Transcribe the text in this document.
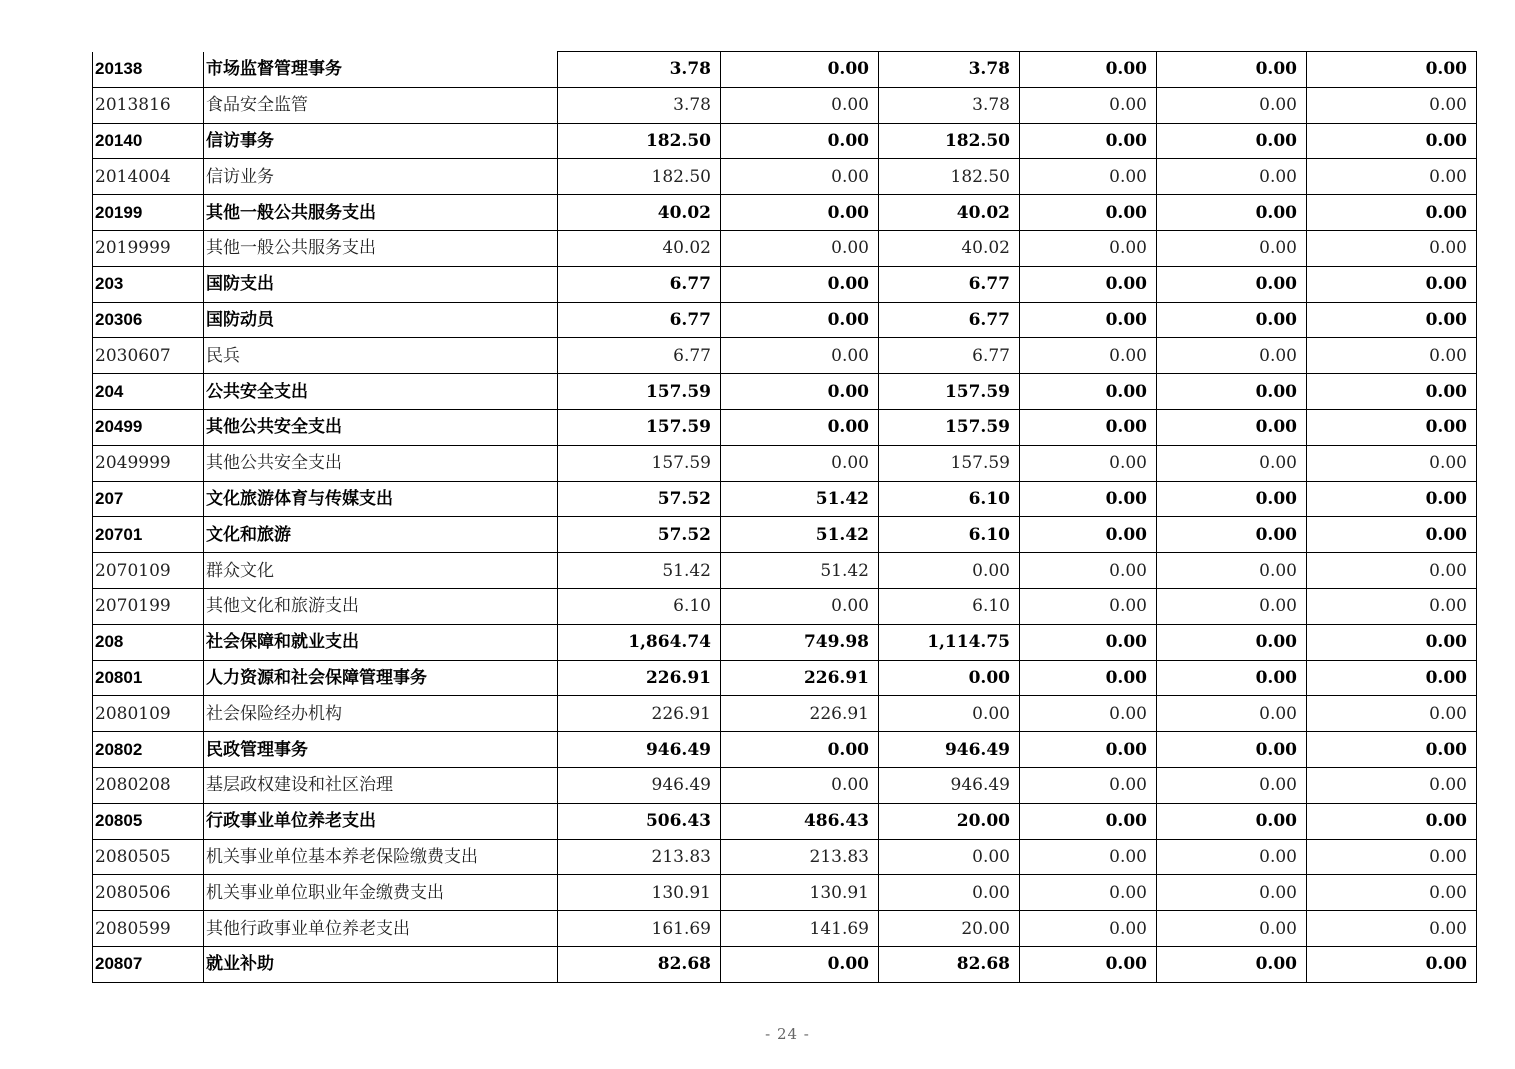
20138	市场监督管理事务	3.78	0.00	3.78	0.00	0.00	0.00
2013816	食品安全监管	3.78	0.00	3.78	0.00	0.00	0.00
20140	信访事务	182.50	0.00	182.50	0.00	0.00	0.00
2014004	信访业务	182.50	0.00	182.50	0.00	0.00	0.00
20199	其他一般公共服务支出	40.02	0.00	40.02	0.00	0.00	0.00
2019999	其他一般公共服务支出	40.02	0.00	40.02	0.00	0.00	0.00
203	国防支出	6.77	0.00	6.77	0.00	0.00	0.00
20306	国防动员	6.77	0.00	6.77	0.00	0.00	0.00
2030607	民兵	6.77	0.00	6.77	0.00	0.00	0.00
204	公共安全支出	157.59	0.00	157.59	0.00	0.00	0.00
20499	其他公共安全支出	157.59	0.00	157.59	0.00	0.00	0.00
2049999	其他公共安全支出	157.59	0.00	157.59	0.00	0.00	0.00
207	文化旅游体育与传媒支出	57.52	51.42	6.10	0.00	0.00	0.00
20701	文化和旅游	57.52	51.42	6.10	0.00	0.00	0.00
2070109	群众文化	51.42	51.42	0.00	0.00	0.00	0.00
2070199	其他文化和旅游支出	6.10	0.00	6.10	0.00	0.00	0.00
208	社会保障和就业支出	1,864.74	749.98	1,114.75	0.00	0.00	0.00
20801	人力资源和社会保障管理事务	226.91	226.91	0.00	0.00	0.00	0.00
2080109	社会保险经办机构	226.91	226.91	0.00	0.00	0.00	0.00
20802	民政管理事务	946.49	0.00	946.49	0.00	0.00	0.00
2080208	基层政权建设和社区治理	946.49	0.00	946.49	0.00	0.00	0.00
20805	行政事业单位养老支出	506.43	486.43	20.00	0.00	0.00	0.00
2080505	机关事业单位基本养老保险缴费支出	213.83	213.83	0.00	0.00	0.00	0.00
2080506	机关事业单位职业年金缴费支出	130.91	130.91	0.00	0.00	0.00	0.00
2080599	其他行政事业单位养老支出	161.69	141.69	20.00	0.00	0.00	0.00
20807	就业补助	82.68	0.00	82.68	0.00	0.00	0.00
- 24 -
